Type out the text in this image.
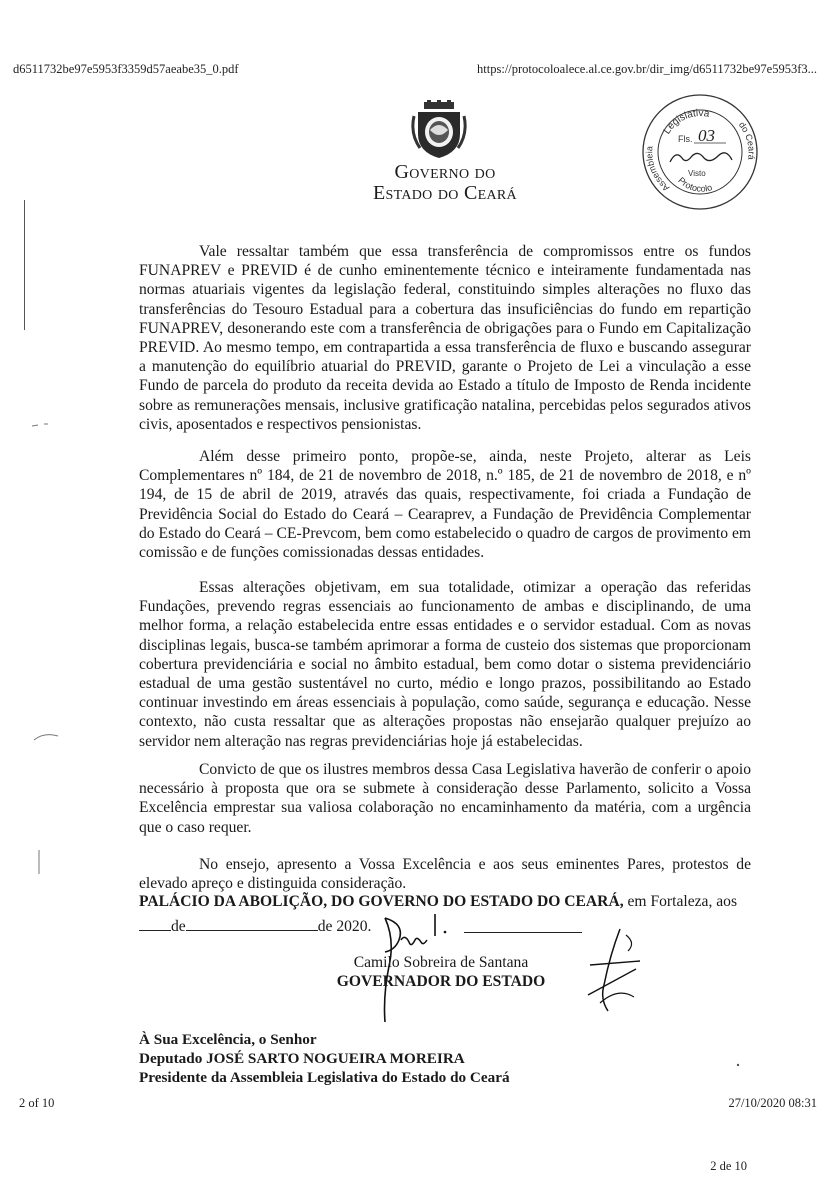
d6511732be97e5953f3359d57aeabe35_0.pdf	https://protocoloalece.al.ce.gov.br/dir_img/d6511732be97e5953f3...
Governo do
Estado do Ceará
Legislativa
Assembleia
do Ceará
Protocolo
Fls. 03
Visto

Vale ressaltar também que essa transferência de compromissos entre os fundos FUNAPREV e PREVID é de cunho eminentemente técnico e inteiramente fundamentada nas normas atuariais vigentes da legislação federal, constituindo simples alterações no fluxo das transferências do Tesouro Estadual para a cobertura das insuficiências do fundo em repartição FUNAPREV, desonerando este com a transferência de obrigações para o Fundo em Capitalização PREVID. Ao mesmo tempo, em contrapartida a essa transferência de fluxo e buscando assegurar a manutenção do equilíbrio atuarial do PREVID, garante o Projeto de Lei a vinculação a esse Fundo de parcela do produto da receita devida ao Estado a título de Imposto de Renda incidente sobre as remunerações mensais, inclusive gratificação natalina, percebidas pelos segurados ativos civis, aposentados e respectivos pensionistas.

Além desse primeiro ponto, propõe-se, ainda, neste Projeto, alterar as Leis Complementares nº 184, de 21 de novembro de 2018, n.º 185, de 21 de novembro de 2018, e nº 194, de 15 de abril de 2019, através das quais, respectivamente, foi criada a Fundação de Previdência Social do Estado do Ceará – Cearaprev, a Fundação de Previdência Complementar do Estado do Ceará – CE-Prevcom, bem como estabelecido o quadro de cargos de provimento em comissão e de funções comissionadas dessas entidades.

Essas alterações objetivam, em sua totalidade, otimizar a operação das referidas Fundações, prevendo regras essenciais ao funcionamento de ambas e disciplinando, de uma melhor forma, a relação estabelecida entre essas entidades e o servidor estadual. Com as novas disciplinas legais, busca-se também aprimorar a forma de custeio dos sistemas que proporcionam cobertura previdenciária e social no âmbito estadual, bem como dotar o sistema previdenciário estadual de uma gestão sustentável no curto, médio e longo prazos, possibilitando ao Estado continuar investindo em áreas essenciais à população, como saúde, segurança e educação. Nesse contexto, não custa ressaltar que as alterações propostas não ensejarão qualquer prejuízo ao servidor nem alteração nas regras previdenciárias hoje já estabelecidas.

Convicto de que os ilustres membros dessa Casa Legislativa haverão de conferir o apoio necessário à proposta que ora se submete à consideração desse Parlamento, solicito a Vossa Excelência emprestar sua valiosa colaboração no encaminhamento da matéria, com a urgência que o caso requer.

No ensejo, apresento a Vossa Excelência e aos seus eminentes Pares, protestos de elevado apreço e distinguida consideração.

PALÁCIO DA ABOLIÇÃO, DO GOVERNO DO ESTADO DO CEARÁ, em Fortaleza, aos
de	de 2020.
Camilo Sobreira de Santana
GOVERNADOR DO ESTADO
À Sua Excelência, o Senhor
Deputado JOSÉ SARTO NOGUEIRA MOREIRA
Presidente da Assembleia Legislativa do Estado do Ceará
2 of 10	27/10/2020 08:31
2 de 10
